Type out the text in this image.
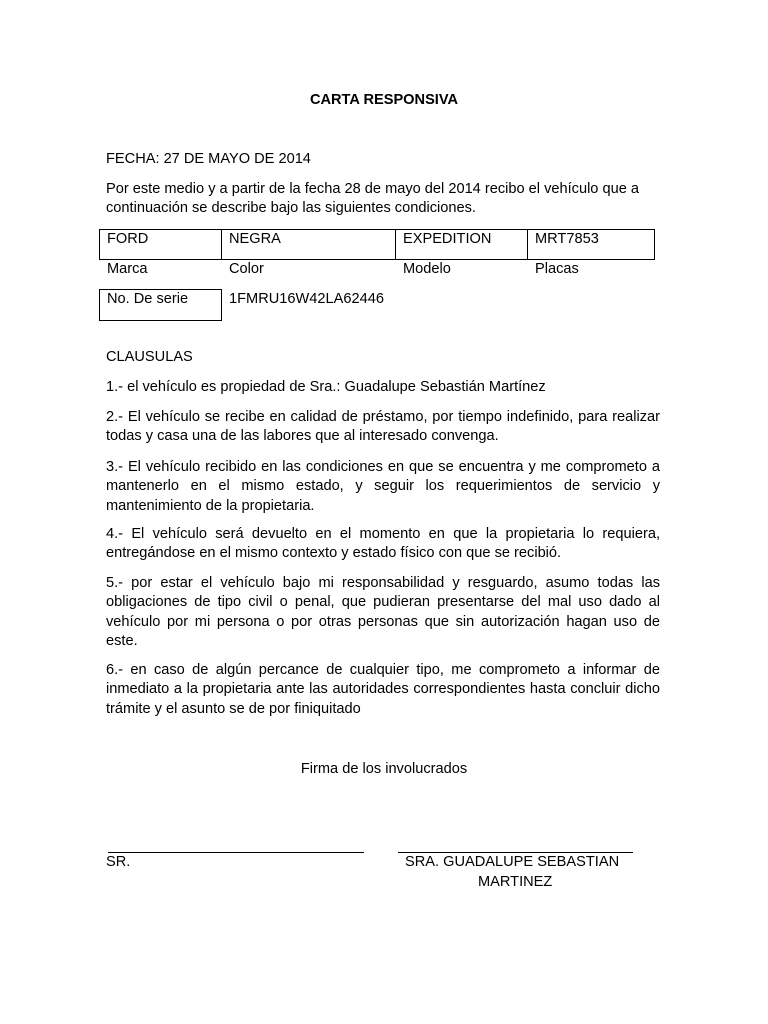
CARTA RESPONSIVA

FECHA: 27 DE MAYO DE 2014

Por este medio y a partir de la fecha 28 de mayo del 2014 recibo el vehículo que a continuación se describe bajo las siguientes condiciones.

FORD	NEGRA	EXPEDITION	MRT7853
Marca	Color	Modelo	Placas
No. De serie	1FMRU16W42LA62446

CLAUSULAS

1.- el vehículo es propiedad de Sra.: Guadalupe Sebastián Martínez

2.- El vehículo se recibe en calidad de préstamo, por tiempo indefinido, para realizar todas y casa una de las labores que al interesado convenga.

3.- El vehículo recibido en las condiciones en que se encuentra y me comprometo a mantenerlo en el mismo estado, y seguir los requerimientos de servicio y mantenimiento de la propietaria.

4.- El vehículo será devuelto en el momento en que la propietaria lo requiera, entregándose en el mismo contexto y estado físico con que se recibió.

5.- por estar el vehículo bajo mi responsabilidad y resguardo, asumo todas las obligaciones de tipo civil o penal, que pudieran presentarse del mal uso dado al vehículo por mi persona o por otras personas que sin autorización hagan uso de este.

6.- en caso de algún percance de cualquier tipo, me comprometo a informar de inmediato a la propietaria ante las autoridades correspondientes hasta concluir dicho trámite y el asunto se de por finiquitado

Firma de los involucrados

SR.	SRA. GUADALUPE SEBASTIAN

MARTINEZ
